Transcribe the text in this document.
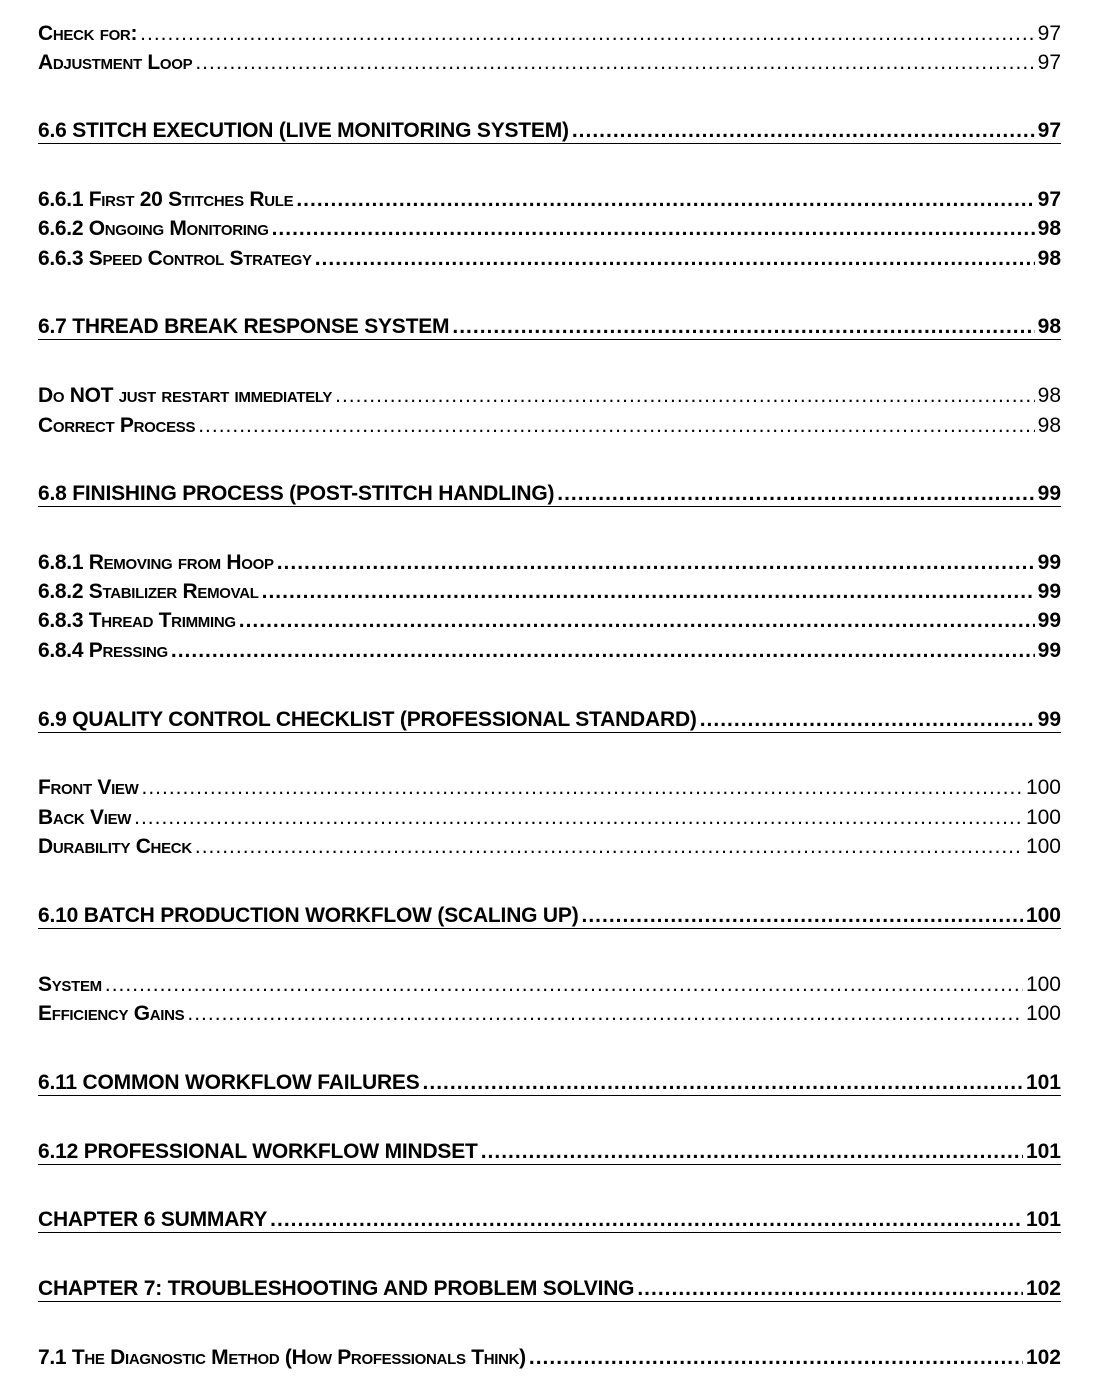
Check for: .....	97
Adjustment Loop .....	97
6.6 STITCH EXECUTION (LIVE MONITORING SYSTEM) .....	97
6.6.1 First 20 Stitches Rule .....	97
6.6.2 Ongoing Monitoring .....	98
6.6.3 Speed Control Strategy .....	98
6.7 THREAD BREAK RESPONSE SYSTEM .....	98
Do NOT just restart immediately .....	98
Correct Process .....	98
6.8 FINISHING PROCESS (POST-STITCH HANDLING) .....	99
6.8.1 Removing from Hoop .....	99
6.8.2 Stabilizer Removal .....	99
6.8.3 Thread Trimming .....	99
6.8.4 Pressing .....	99
6.9 QUALITY CONTROL CHECKLIST (PROFESSIONAL STANDARD) .....	99
Front View .....	100
Back View .....	100
Durability Check .....	100
6.10 BATCH PRODUCTION WORKFLOW (SCALING UP) .....	100
System .....	100
Efficiency Gains .....	100
6.11 COMMON WORKFLOW FAILURES .....	101
6.12 PROFESSIONAL WORKFLOW MINDSET .....	101
CHAPTER 6 SUMMARY .....	101
CHAPTER 7: TROUBLESHOOTING AND PROBLEM SOLVING .....	102
7.1 The Diagnostic Method (How Professionals Think) .....	102
